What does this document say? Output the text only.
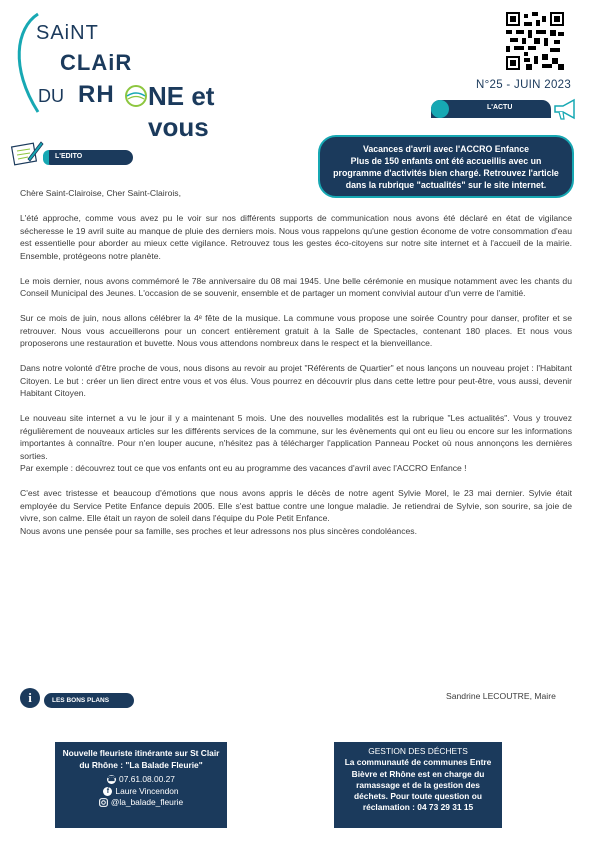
SAiNT
CLAiR
DU RH NE et vous
N°25 - JUIN 2023
L'ACTU
Vacances d'avril avec l'ACCRO Enfance
Plus de 150 enfants ont été accueillis avec un programme d'activités bien chargé. Retrouvez l'article dans la rubrique "actualités" sur le site internet.
L'EDITO

Chère Saint-Clairoise, Cher Saint-Clairois,

L'été approche, comme vous avez pu le voir sur nos différents supports de communication nous avons été déclaré en état de vigilance sécheresse le 19 avril suite au manque de pluie des derniers mois. Nous vous rappelons qu'une gestion économe de votre consommation d'eau est essentielle pour aborder au mieux cette vigilance. Retrouvez tous les gestes éco-citoyens sur notre site internet et à l'accueil de la mairie. Ensemble, protégeons notre planète.

Le mois dernier, nous avons commémoré le 78e anniversaire du 08 mai 1945. Une belle cérémonie en musique notamment avec les chants du Conseil Municipal des Jeunes. L'occasion de se souvenir, ensemble et de partager un moment convivial autour d'un verre de l'amitié.

Sur ce mois de juin, nous allons célébrer la 4ᵉ fête de la musique. La commune vous propose une soirée Country pour danser, profiter et se retrouver. Nous vous accueillerons pour un concert entièrement gratuit à la Salle de Spectacles, contenant 180 places. Et nous vous proposerons une restauration et buvette. Nous vous attendons nombreux dans le respect et la bienveillance.

Dans notre volonté d'être proche de vous, nous disons au revoir au projet "Référents de Quartier" et nous lançons un nouveau projet : l'Habitant Citoyen. Le but : créer un lien direct entre vous et vos élus. Vous pourrez en découvrir plus dans cette lettre pour peut-être, vous aussi, devenir Habitant Citoyen.

Le nouveau site internet a vu le jour il y a maintenant 5 mois. Une des nouvelles modalités est la rubrique "Les actualités". Vous y trouvez régulièrement de nouveaux articles sur les différents services de la commune, sur les évènements qui ont eu lieu ou encore sur les informations importantes à connaître. Pour n'en louper aucune, n'hésitez pas à télécharger l'application Panneau Pocket où nous annonçons les dernières sorties.

Par exemple : découvrez tout ce que vos enfants ont eu au programme des vacances d'avril avec l'ACCRO Enfance !

C'est avec tristesse et beaucoup d'émotions que nous avons appris le décès de notre agent Sylvie Morel, le 23 mai dernier. Sylvie était employée du Service Petite Enfance depuis 2005. Elle s'est battue contre une longue maladie. Je retiendrai de Sylvie, son sourire, sa joie de vivre, son calme. Elle était un rayon de soleil dans l'équipe du Pole Petit Enfance.

Nous avons une pensée pour sa famille, ses proches et leur adressons nos plus sincères condoléances.

Sandrine LECOUTRE, Maire
i	LES BONS PLANS
Nouvelle fleuriste itinérante sur St Clair du Rhône : "La Balade Fleurie"
☎ 07.61.08.00.27
f Laure Vincendon
@la_balade_fleurie
GESTION DES DÉCHETS
La communauté de communes Entre Bièvre et Rhône est en charge du ramassage et de la gestion des déchets. Pour toute question ou réclamation : 04 73 29 31 15
